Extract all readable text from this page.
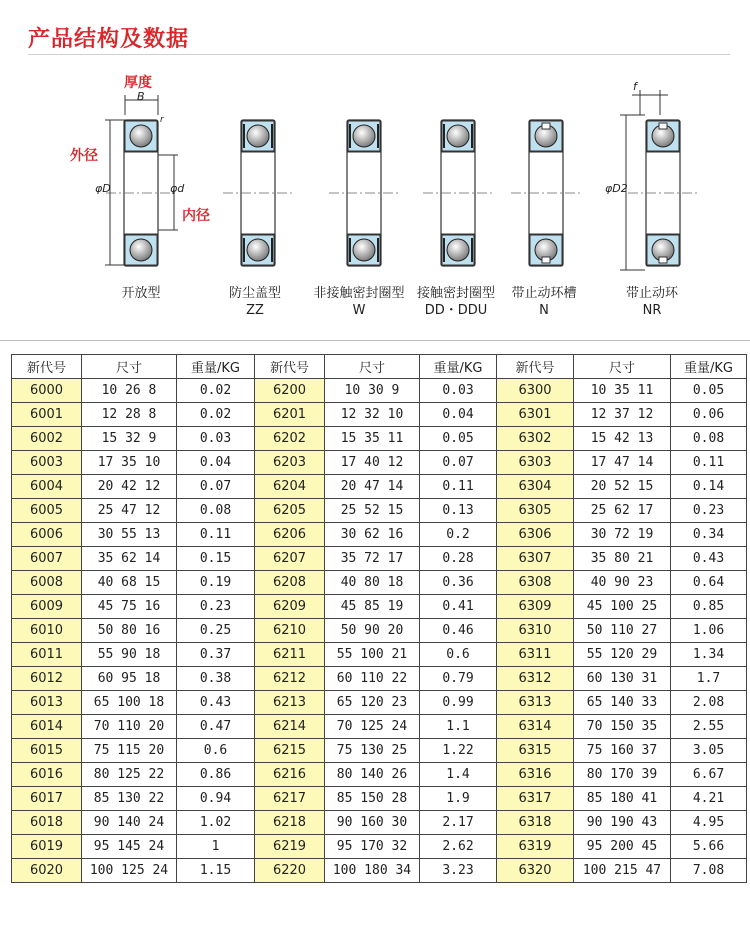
产品结构及数据
厚度
外径
内径
B
φD	φd
r
f
φD2
开放型	防尘盖型
ZZ
非接触密封圈型
W
接触密封圈型
DD・DDU
带止动环槽
N
带止动环
NR
新代号	尺寸	重量/KG	新代号	尺寸	重量/KG	新代号	尺寸	重量/KG
6000	10 26 8	0.02	6200	10 30 9	0.03	6300	10 35 11	0.05
6001	12 28 8	0.02	6201	12 32 10	0.04	6301	12 37 12	0.06
6002	15 32 9	0.03	6202	15 35 11	0.05	6302	15 42 13	0.08
6003	17 35 10	0.04	6203	17 40 12	0.07	6303	17 47 14	0.11
6004	20 42 12	0.07	6204	20 47 14	0.11	6304	20 52 15	0.14
6005	25 47 12	0.08	6205	25 52 15	0.13	6305	25 62 17	0.23
6006	30 55 13	0.11	6206	30 62 16	0.2	6306	30 72 19	0.34
6007	35 62 14	0.15	6207	35 72 17	0.28	6307	35 80 21	0.43
6008	40 68 15	0.19	6208	40 80 18	0.36	6308	40 90 23	0.64
6009	45 75 16	0.23	6209	45 85 19	0.41	6309	45 100 25	0.85
6010	50 80 16	0.25	6210	50 90 20	0.46	6310	50 110 27	1.06
6011	55 90 18	0.37	6211	55 100 21	0.6	6311	55 120 29	1.34
6012	60 95 18	0.38	6212	60 110 22	0.79	6312	60 130 31	1.7
6013	65 100 18	0.43	6213	65 120 23	0.99	6313	65 140 33	2.08
6014	70 110 20	0.47	6214	70 125 24	1.1	6314	70 150 35	2.55
6015	75 115 20	0.6	6215	75 130 25	1.22	6315	75 160 37	3.05
6016	80 125 22	0.86	6216	80 140 26	1.4	6316	80 170 39	6.67
6017	85 130 22	0.94	6217	85 150 28	1.9	6317	85 180 41	4.21
6018	90 140 24	1.02	6218	90 160 30	2.17	6318	90 190 43	4.95
6019	95 145 24	1	6219	95 170 32	2.62	6319	95 200 45	5.66
6020	100 125 24	1.15	6220	100 180 34	3.23	6320	100 215 47	7.08
